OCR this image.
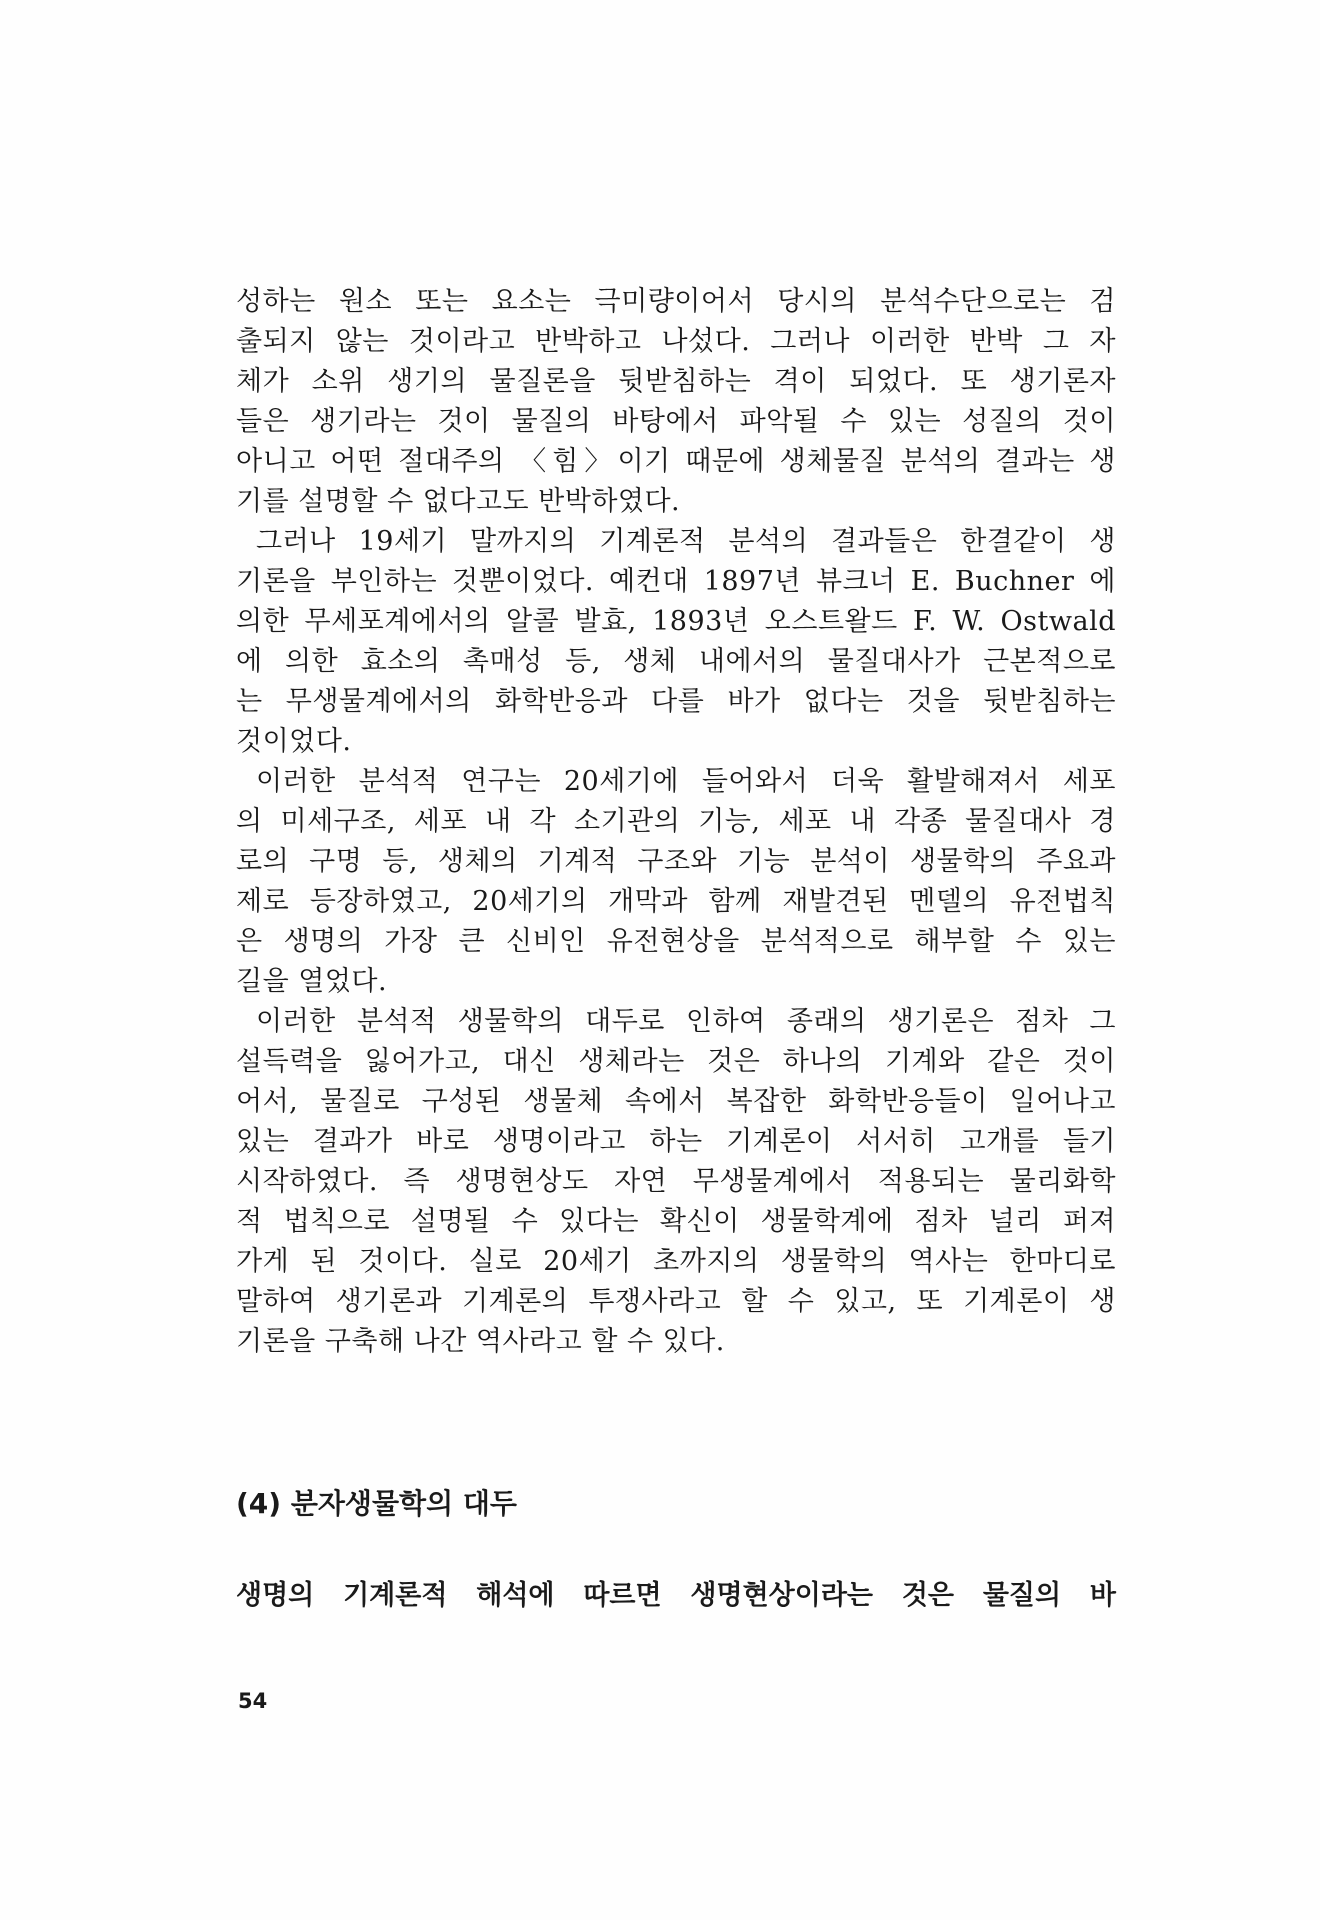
성하는 원소 또는 요소는 극미량이어서 당시의 분석수단으로는 검
출되지 않는 것이라고 반박하고 나섰다. 그러나 이러한 반박 그 자
체가 소위 생기의 물질론을 뒷받침하는 격이 되었다. 또 생기론자
들은 생기라는 것이 물질의 바탕에서 파악될 수 있는 성질의 것이
아니고 어떤 절대주의 〈힘〉이기 때문에 생체물질 분석의 결과는 생
기를 설명할 수 없다고도 반박하였다.
그러나 19세기 말까지의 기계론적 분석의 결과들은 한결같이 생
기론을 부인하는 것뿐이었다. 예컨대 1897년 뷰크너 E. Buchner 에
의한 무세포계에서의 알콜 발효, 1893년 오스트왈드 F. W. Ostwald
에 의한 효소의 촉매성 등, 생체 내에서의 물질대사가 근본적으로
는 무생물계에서의 화학반응과 다를 바가 없다는 것을 뒷받침하는
것이었다.
이러한 분석적 연구는 20세기에 들어와서 더욱 활발해져서 세포
의 미세구조, 세포 내 각 소기관의 기능, 세포 내 각종 물질대사 경
로의 구명 등, 생체의 기계적 구조와 기능 분석이 생물학의 주요과
제로 등장하였고, 20세기의 개막과 함께 재발견된 멘델의 유전법칙
은 생명의 가장 큰 신비인 유전현상을 분석적으로 해부할 수 있는
길을 열었다.
이러한 분석적 생물학의 대두로 인하여 종래의 생기론은 점차 그
설득력을 잃어가고, 대신 생체라는 것은 하나의 기계와 같은 것이
어서, 물질로 구성된 생물체 속에서 복잡한 화학반응들이 일어나고
있는 결과가 바로 생명이라고 하는 기계론이 서서히 고개를 들기
시작하였다. 즉 생명현상도 자연 무생물계에서 적용되는 물리화학
적 법칙으로 설명될 수 있다는 확신이 생물학계에 점차 널리 퍼져
가게 된 것이다. 실로 20세기 초까지의 생물학의 역사는 한마디로
말하여 생기론과 기계론의 투쟁사라고 할 수 있고, 또 기계론이 생
기론을 구축해 나간 역사라고 할 수 있다.
(4) 분자생물학의 대두
생명의 기계론적 해석에 따르면 생명현상이라는 것은 물질의 바
54
